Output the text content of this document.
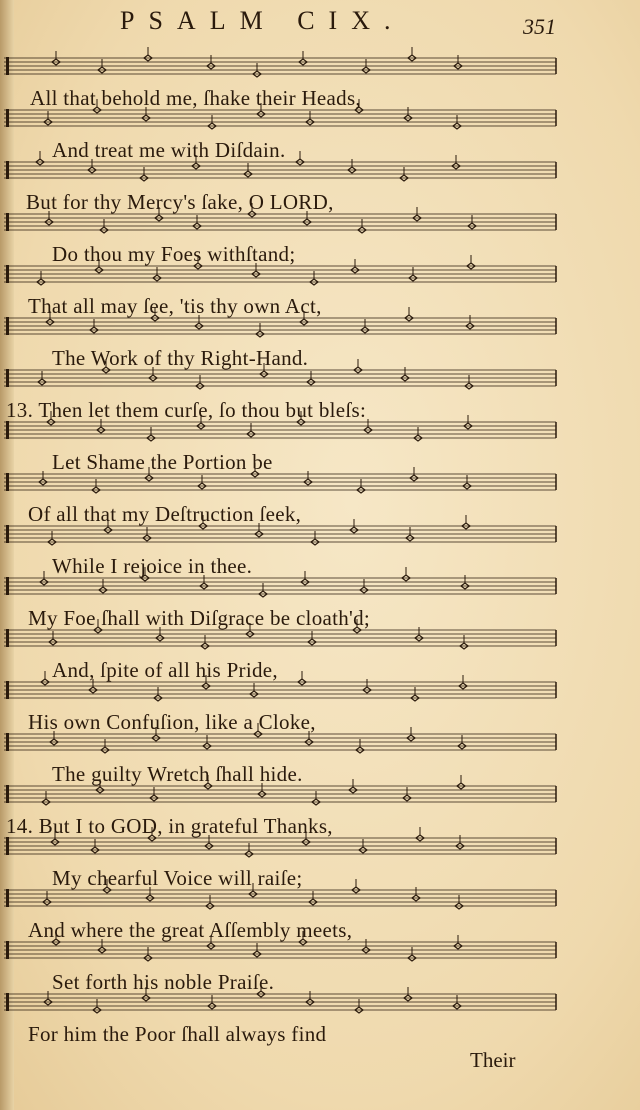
PSALM CIX.	351
All that behold me, ſhake their Heads,
And treat me with Diſdain.
But for thy Mercy's ſake, O LORD,
Do thou my Foes withſtand;
That all may ſee, 'tis thy own Act,
The Work of thy Right-Hand.
13. Then let them curſe, ſo thou but bleſs:
Let Shame the Portion be
Of all that my Deſtruction ſeek,
While I rejoice in thee.
My Foe ſhall with Diſgrace be cloath'd;
And, ſpite of all his Pride,
His own Confuſion, like a Cloke,
The guilty Wretch ſhall hide.
14. But I to GOD, in grateful Thanks,
My chearful Voice will raiſe;
And where the great Aſſembly meets,
Set forth his noble Praiſe.
For him the Poor ſhall always find
Their
